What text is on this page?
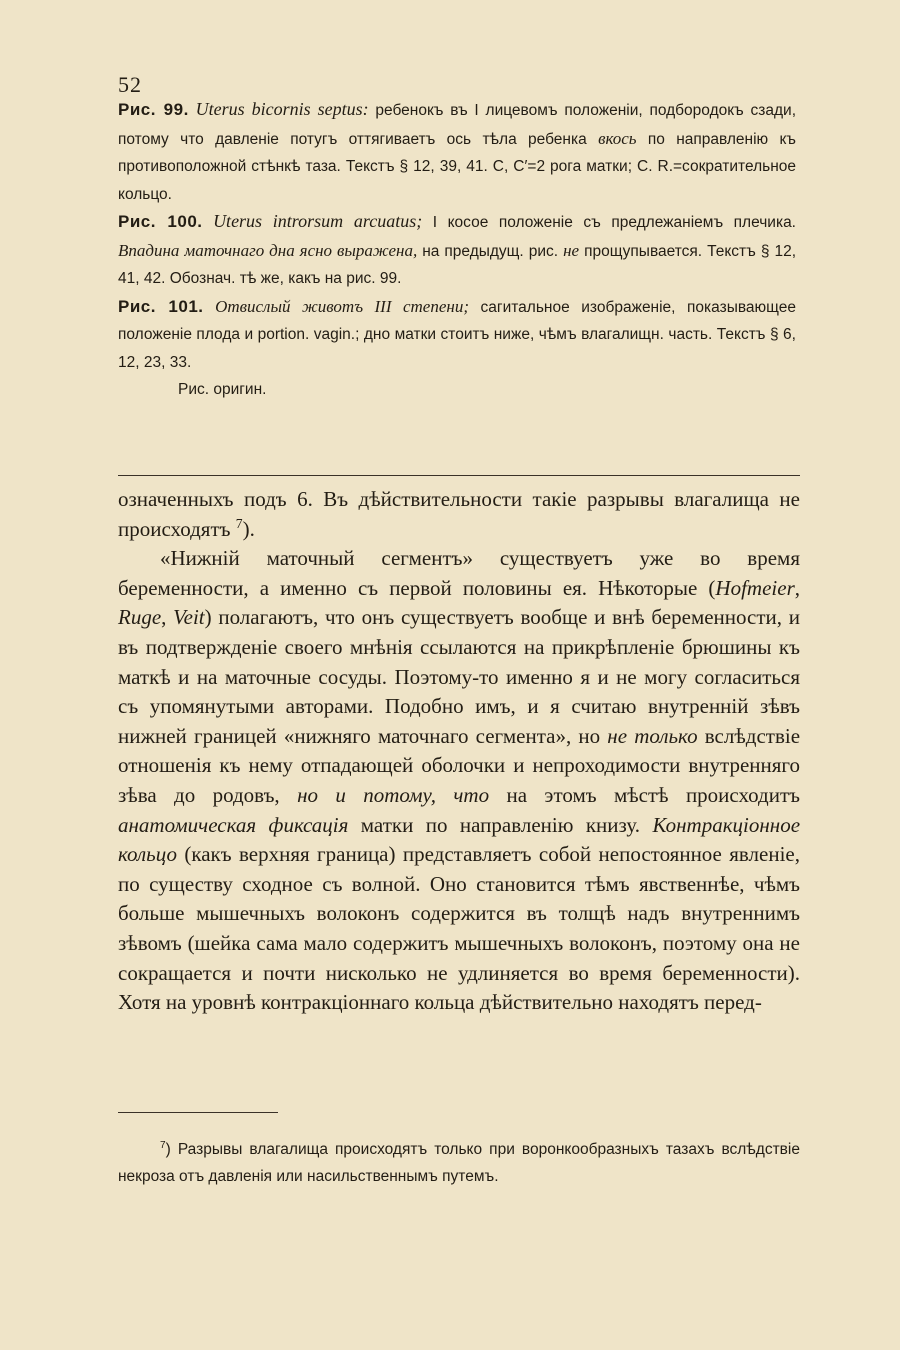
52
Рис. 99. Uterus bicornis septus: ребенокъ въ I лицевомъ положеніи, подбородокъ сзади, потому что давленіе потугъ оттягиваетъ ось тѣла ребенка вкось по направленію къ противоположной стѣнкѣ таза. Текстъ § 12, 39, 41. С, С′=2 рога матки; С. R.=сократительное кольцо.
Рис. 100. Uterus introrsum arcuatus; I косое положеніе съ предлежаніемъ плечика. Впадина маточнаго дна ясно выражена, на предыдущ. рис. не прощупывается. Текстъ § 12, 41, 42. Обознач. тѣ же, какъ на рис. 99.
Рис. 101. Отвислый животъ III степени; сагитальное изображеніе, показывающее положеніе плода и portion. vagin.; дно матки стоитъ ниже, чѣмъ влагалищн. часть. Текстъ § 6, 12, 23, 33.
Рис. оригин.

означенныхъ подъ 6. Въ дѣйствительности такіе разрывы влагалища не происходятъ $^7$).

«Нижній маточный сегментъ» существуетъ уже во время беременности, а именно съ первой половины ея. Нѣкоторые (Hofmeier, Ruge, Veit) полагаютъ, что онъ существуетъ вообще и внѣ беременности, и въ подтвержденіе своего мнѣнія ссылаются на прикрѣпленіе брюшины къ маткѣ и на маточные сосуды. Поэтому-то именно я и не могу согласиться съ упомянутыми авторами. Подобно имъ, и я считаю внутренній зѣвъ нижней границей «нижняго маточнаго сегмента», но не только вслѣдствіе отношенія къ нему отпадающей оболочки и непроходимости внутренняго зѣва до родовъ, но и потому, что на этомъ мѣстѣ происходитъ анатомическая фиксація матки по направленію книзу. Контракціонное кольцо (какъ верхняя граница) представляетъ собой непостоянное явленіе, по существу сходное съ волной. Оно становится тѣмъ явственнѣе, чѣмъ больше мышечныхъ волоконъ содержится въ толщѣ надъ внутреннимъ зѣвомъ (шейка сама мало содержитъ мышечныхъ волоконъ, поэтому она не сокращается и почти нисколько не удлиняется во время беременности). Хотя на уровнѣ контракціоннаго кольца дѣйствительно находятъ перед-

$^7$) Разрывы влагалища происходятъ только при воронкообразныхъ тазахъ вслѣдствіе некроза отъ давленія или насильственнымъ путемъ.
